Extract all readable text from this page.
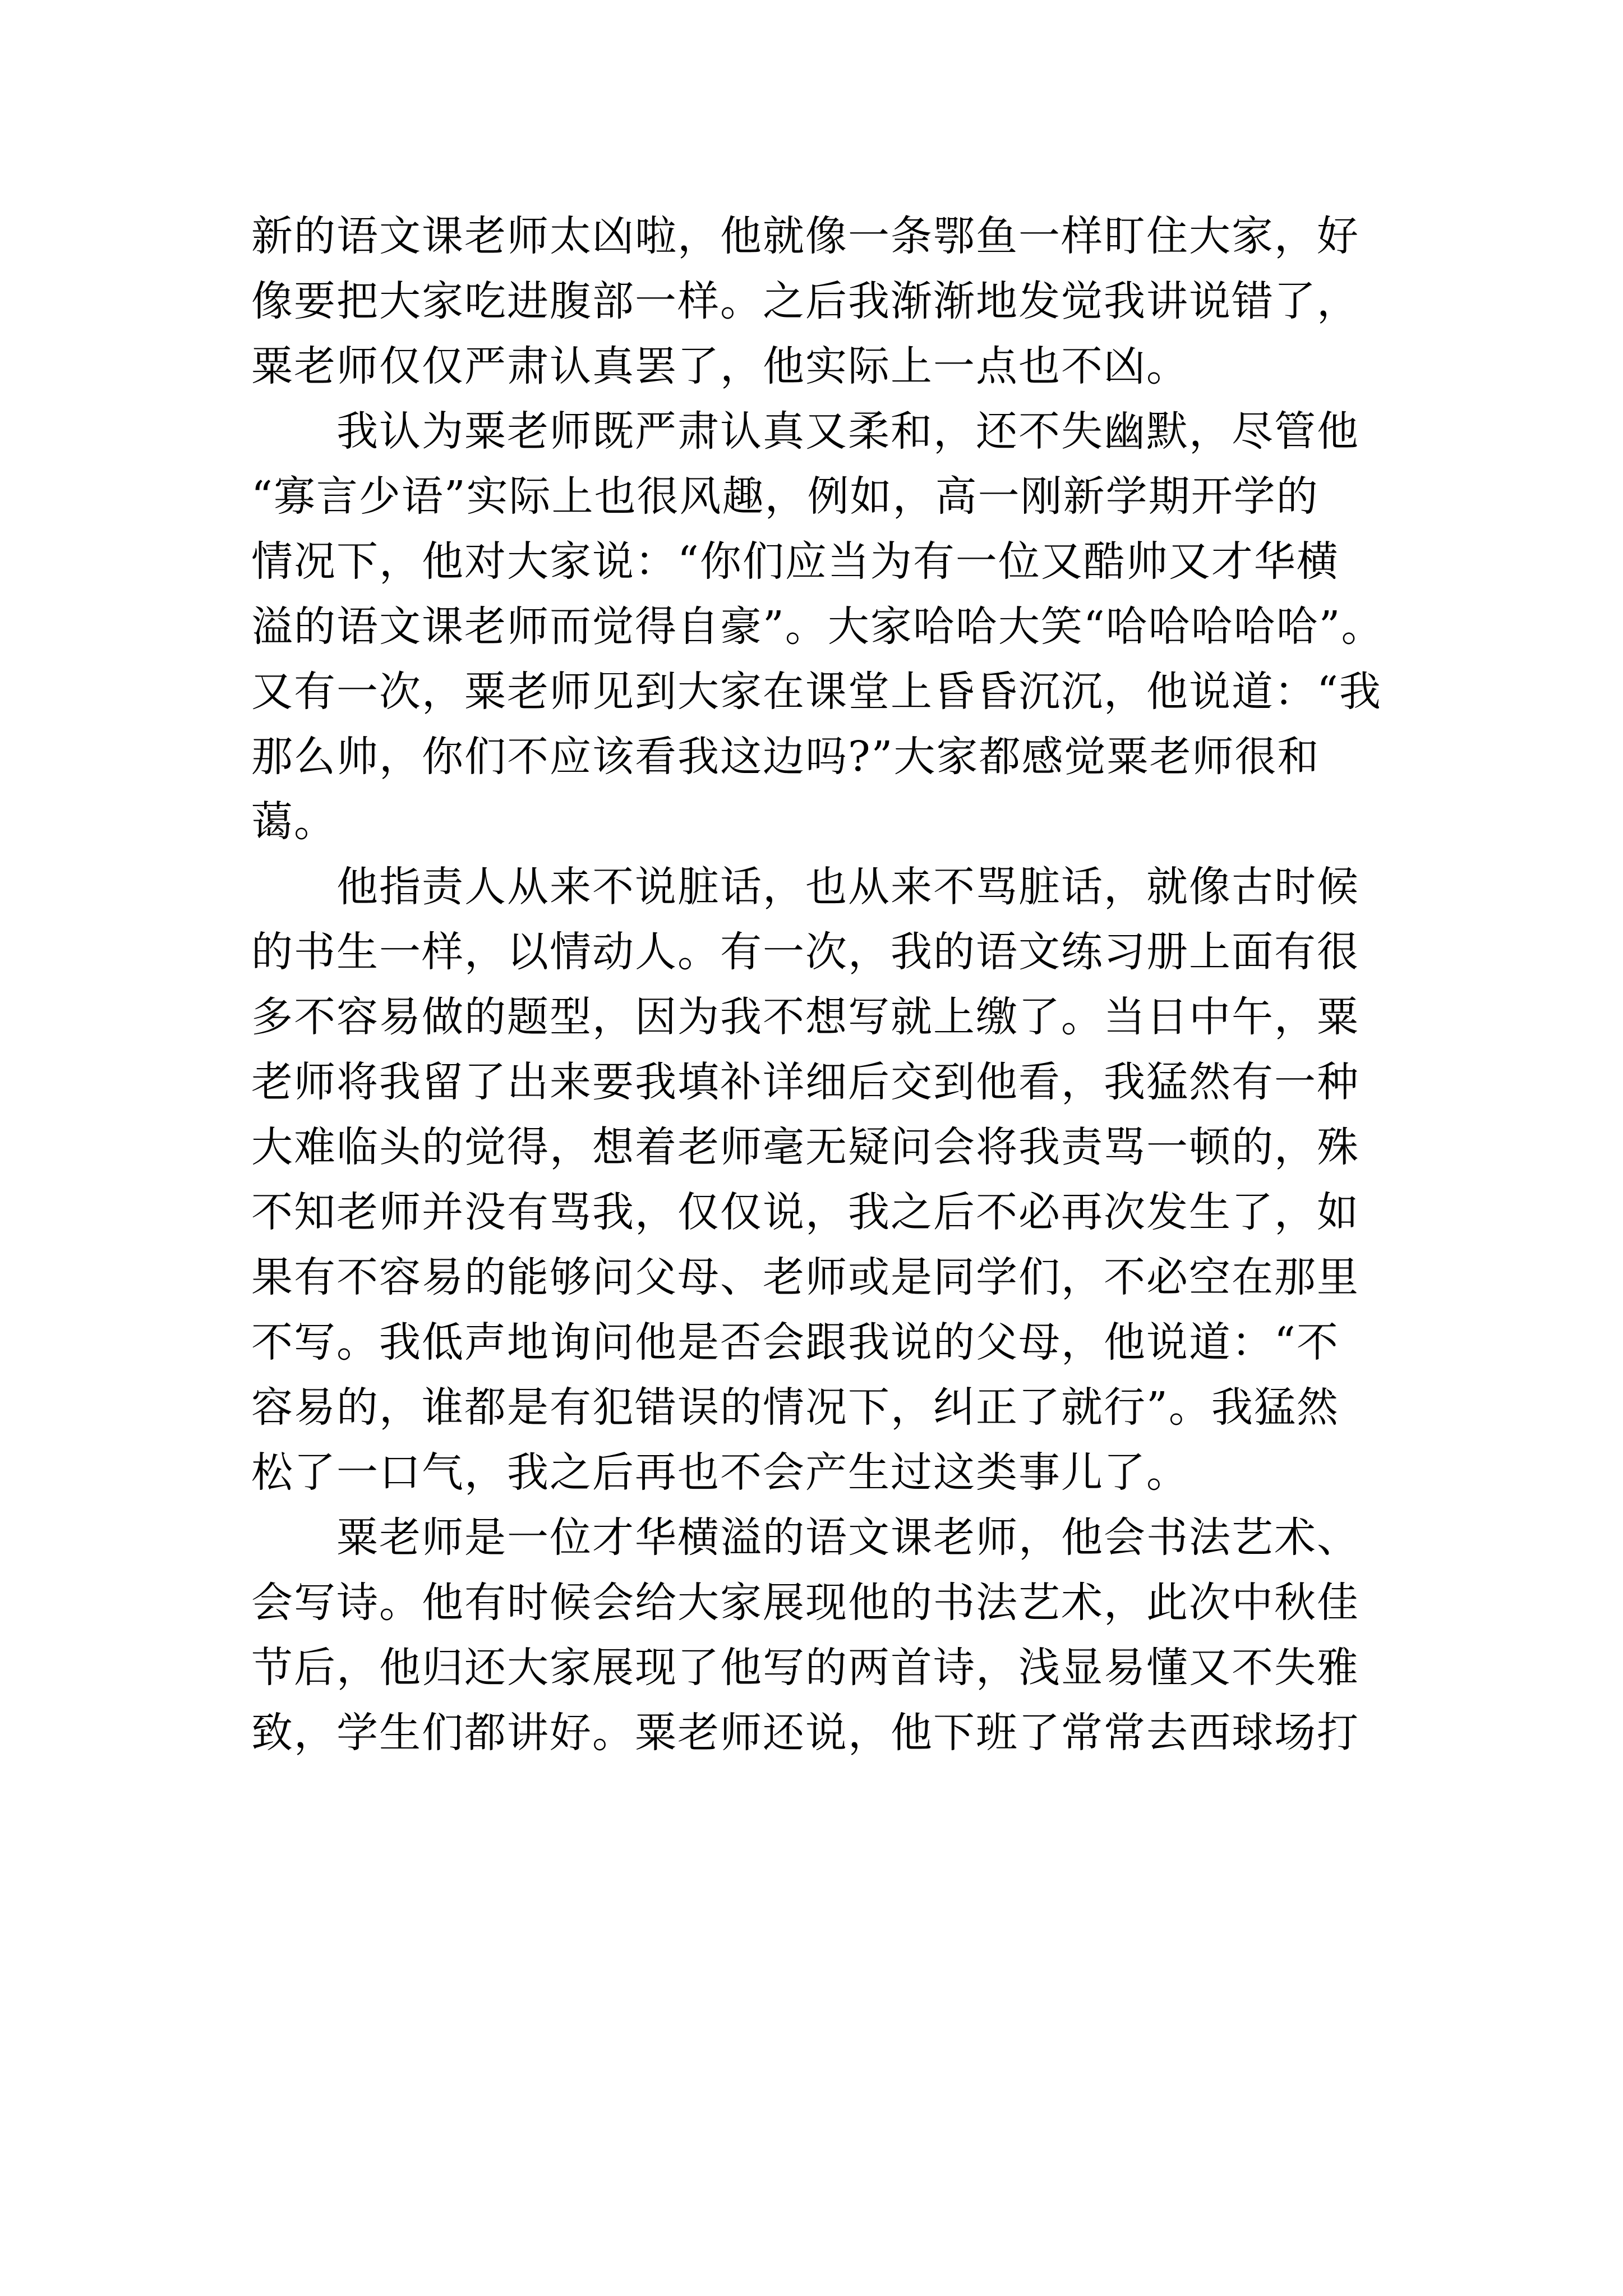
新的语文课老师太凶啦，他就像一条鄂鱼一样盯住大家，好
像要把大家吃进腹部一样。之后我渐渐地发觉我讲说错了，
粟老师仅仅严肃认真罢了，他实际上一点也不凶。
　　我认为粟老师既严肃认真又柔和，还不失幽默，尽管他
“寡言少语”实际上也很风趣，例如，高一刚新学期开学的
情况下，他对大家说：“你们应当为有一位又酷帅又才华横
溢的语文课老师而觉得自豪”。大家哈哈大笑“哈哈哈哈哈”。
又有一次，粟老师见到大家在课堂上昏昏沉沉，他说道：“我
那么帅，你们不应该看我这边吗?”大家都感觉粟老师很和
蔼。
　　他指责人从来不说脏话，也从来不骂脏话，就像古时候
的书生一样，以情动人。有一次，我的语文练习册上面有很
多不容易做的题型，因为我不想写就上缴了。当日中午，粟
老师将我留了出来要我填补详细后交到他看，我猛然有一种
大难临头的觉得，想着老师毫无疑问会将我责骂一顿的，殊
不知老师并没有骂我，仅仅说，我之后不必再次发生了，如
果有不容易的能够问父母、老师或是同学们，不必空在那里
不写。我低声地询问他是否会跟我说的父母，他说道：“不
容易的，谁都是有犯错误的情况下，纠正了就行”。我猛然
松了一口气，我之后再也不会产生过这类事儿了。
　　粟老师是一位才华横溢的语文课老师，他会书法艺术、
会写诗。他有时候会给大家展现他的书法艺术，此次中秋佳
节后，他归还大家展现了他写的两首诗，浅显易懂又不失雅
致，学生们都讲好。粟老师还说，他下班了常常去西球场打
